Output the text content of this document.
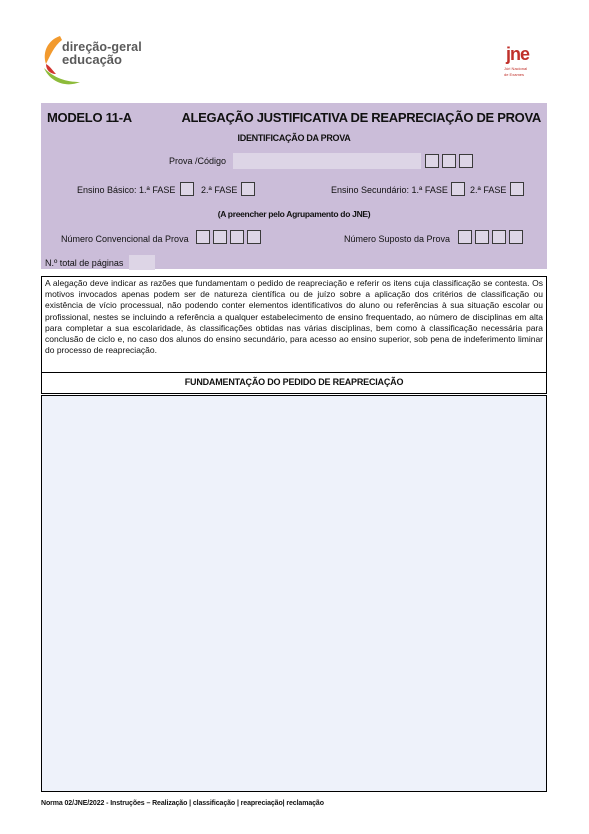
direção-geral
educação	jne
Júri Nacional
de Exames
MODELO 11-A	ALEGAÇÃO JUSTIFICATIVA DE REAPRECIAÇÃO DE PROVA
IDENTIFICAÇÃO DA PROVA
Prova /Código
Ensino Básico: 1.ª FASE	2.ª FASE	Ensino Secundário: 1.ª FASE 2.ª FASE
(A preencher pelo Agrupamento do JNE)
Número Convencional da Prova	Número Suposto da Prova
N.º total de páginas
A alegação deve indicar as razões que fundamentam o pedido de reapreciação e referir os itens cuja classificação se contesta. Os motivos invocados apenas podem ser de natureza científica ou de juízo sobre a aplicação dos critérios de classificação ou existência de vício processual, não podendo conter elementos identificativos do aluno ou referências à sua situação escolar ou profissional, nestes se incluindo a referência a qualquer estabelecimento de ensino frequentado, ao número de disciplinas em alta para completar a sua escolaridade, às classificações obtidas nas várias disciplinas, bem como à classificação necessária para conclusão de ciclo e, no caso dos alunos do ensino secundário, para acesso ao ensino superior, sob pena de indeferimento liminar do processo de reapreciação.
FUNDAMENTAÇÃO DO PEDIDO DE REAPRECIAÇÃO
Norma 02/JNE/2022 - Instruções – Realização | classificação | reapreciação| reclamação
